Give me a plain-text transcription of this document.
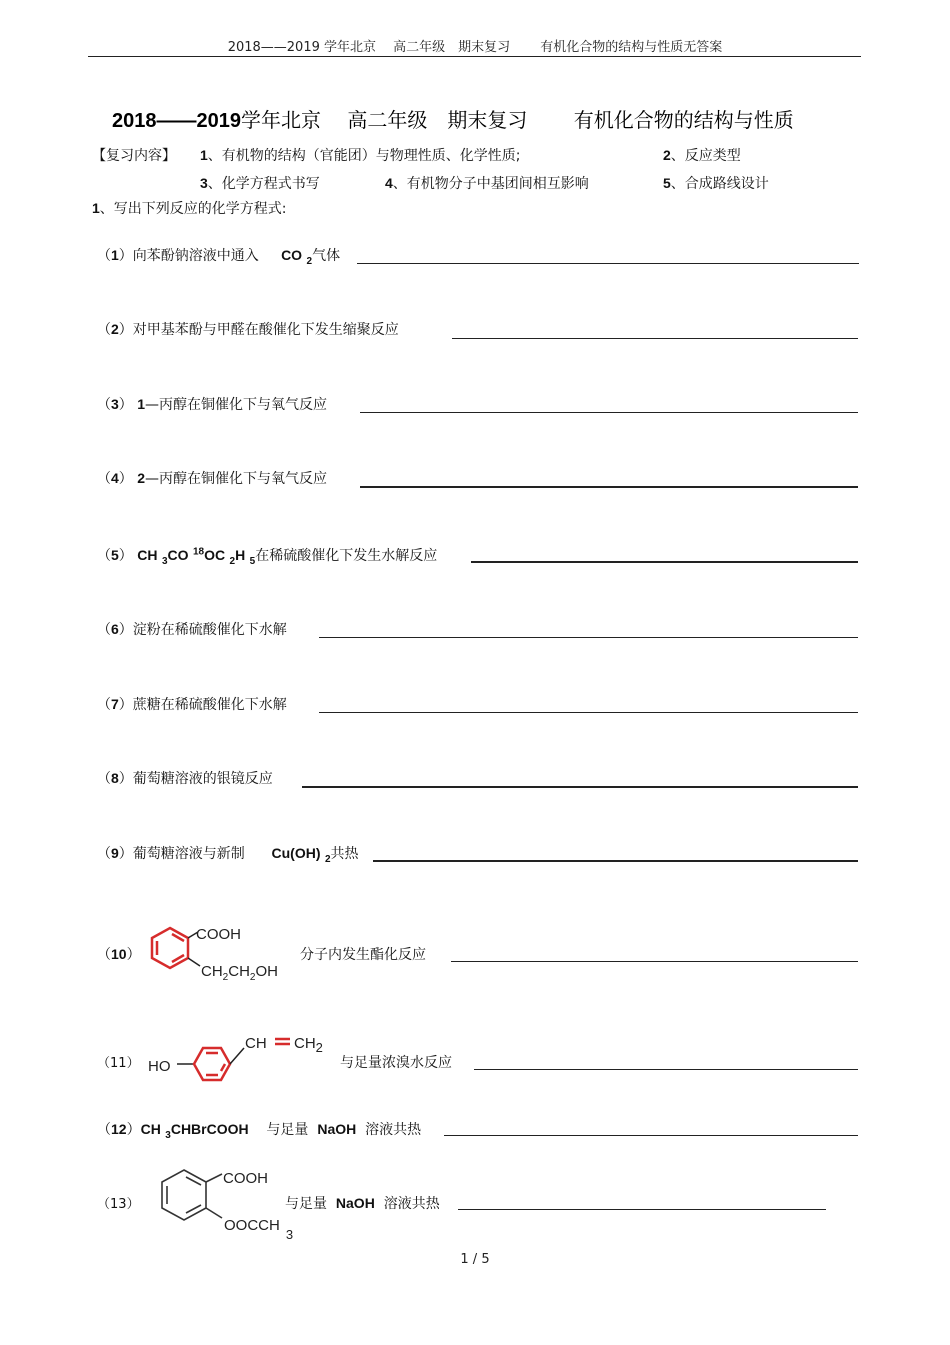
2018——2019 学年北京　 高二年级　期末复习　　 有机化合物的结构与性质无答案
2018——2019学年北京　 高二年级　期末复习　　 有机化合物的结构与性质
【复习内容】 1、有机物的结构（官能团）与物理性质、化学性质;	2、反应类型
3、化学方程式书写	4、有机物分子中基团间相互影响	5、合成路线设计
1、写出下列反应的化学方程式:
（1）向苯酚钠溶液中通入 CO $_2$气体
（2）对甲基苯酚与甲醛在酸催化下发生缩聚反应
（3） 1—丙醇在铜催化下与氧气反应
（4） 2—丙醇在铜催化下与氧气反应
（5） CH $_3$CO $^{18}$OC $_2$H $_5$在稀硫酸催化下发生水解反应
（6）淀粉在稀硫酸催化下水解
（7）蔗糖在稀硫酸催化下水解
（8）葡萄糖溶液的银镜反应
（9）葡萄糖溶液与新制 Cu(OH) $_2$共热
（10）
COOH
$CH_2CH_2OH$
分子内发生酯化反应
（11） HO
CH CH2
与足量浓溴水反应
（12）CH $_3$CHBrCOOH 与足量 NaOH 溶液共热
（13）
COOH
OOCCH3
与足量 NaOH 溶液共热
1 / 5
